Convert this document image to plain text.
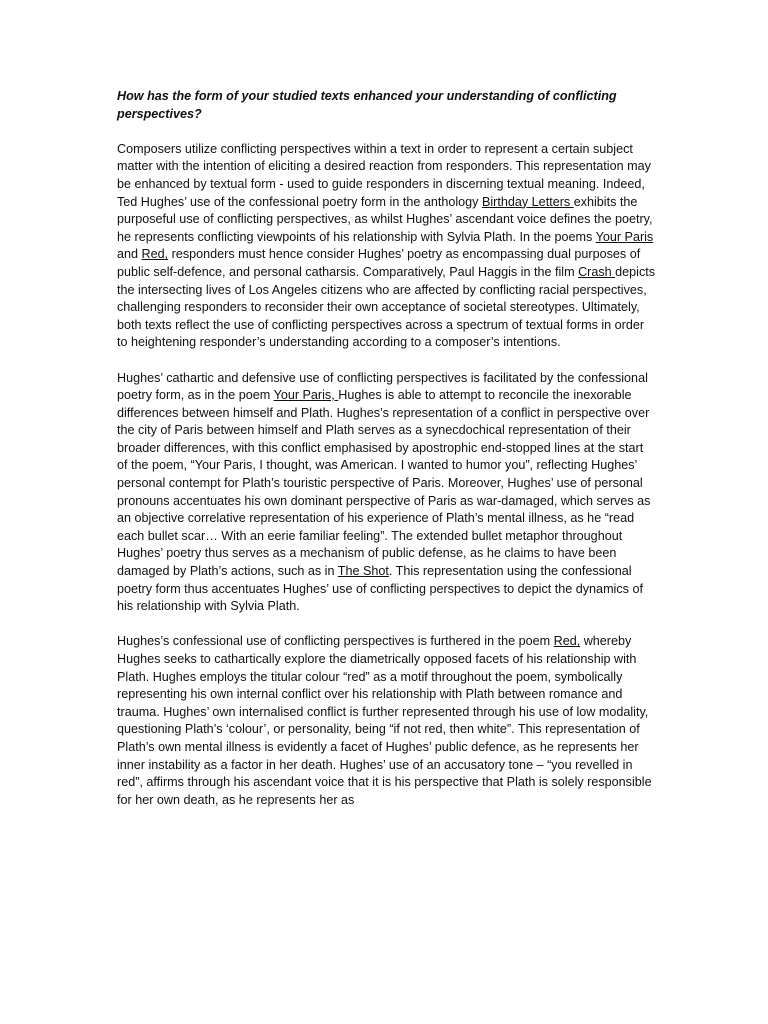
How has the form of your studied texts enhanced your understanding of conflicting perspectives?

Composers utilize conflicting perspectives within a text in order to represent a certain subject matter with the intention of eliciting a desired reaction from responders. This representation may be enhanced by textual form - used to guide responders in discerning textual meaning. Indeed, Ted Hughes’ use of the confessional poetry form in the anthology Birthday Letters exhibits the purposeful use of conflicting perspectives, as whilst Hughes’ ascendant voice defines the poetry, he represents conflicting viewpoints of his relationship with Sylvia Plath. In the poems Your Paris and Red, responders must hence consider Hughes’ poetry as encompassing dual purposes of public self-defence, and personal catharsis. Comparatively, Paul Haggis in the film Crash depicts the intersecting lives of Los Angeles citizens who are affected by conflicting racial perspectives, challenging responders to reconsider their own acceptance of societal stereotypes. Ultimately, both texts reflect the use of conflicting perspectives across a spectrum of textual forms in order to heightening responder’s understanding according to a composer’s intentions.

Hughes’ cathartic and defensive use of conflicting perspectives is facilitated by the confessional poetry form, as in the poem Your Paris, Hughes is able to attempt to reconcile the inexorable differences between himself and Plath. Hughes’s representation of a conflict in perspective over the city of Paris between himself and Plath serves as a synecdochical representation of their broader differences, with this conflict emphasised by apostrophic end-stopped lines at the start of the poem, “Your Paris, I thought, was American. I wanted to humor you”, reflecting Hughes’ personal contempt for Plath’s touristic perspective of Paris. Moreover, Hughes’ use of personal pronouns accentuates his own dominant perspective of Paris as war-damaged, which serves as an objective correlative representation of his experience of Plath’s mental illness, as he “read each bullet scar… With an eerie familiar feeling”. The extended bullet metaphor throughout Hughes’ poetry thus serves as a mechanism of public defense, as he claims to have been damaged by Plath’s actions, such as in The Shot. This representation using the confessional poetry form thus accentuates Hughes’ use of conflicting perspectives to depict the dynamics of his relationship with Sylvia Plath.

Hughes’s confessional use of conflicting perspectives is furthered in the poem Red, whereby Hughes seeks to cathartically explore the diametrically opposed facets of his relationship with Plath. Hughes employs the titular colour “red” as a motif throughout the poem, symbolically representing his own internal conflict over his relationship with Plath between romance and trauma. Hughes’ own internalised conflict is further represented through his use of low modality, questioning Plath’s ‘colour’, or personality, being “if not red, then white”. This representation of Plath’s own mental illness is evidently a facet of Hughes’ public defence, as he represents her inner instability as a factor in her death. Hughes’ use of an accusatory tone – “you revelled in red”, affirms through his ascendant voice that it is his perspective that Plath is solely responsible for her own death, as he represents her as
